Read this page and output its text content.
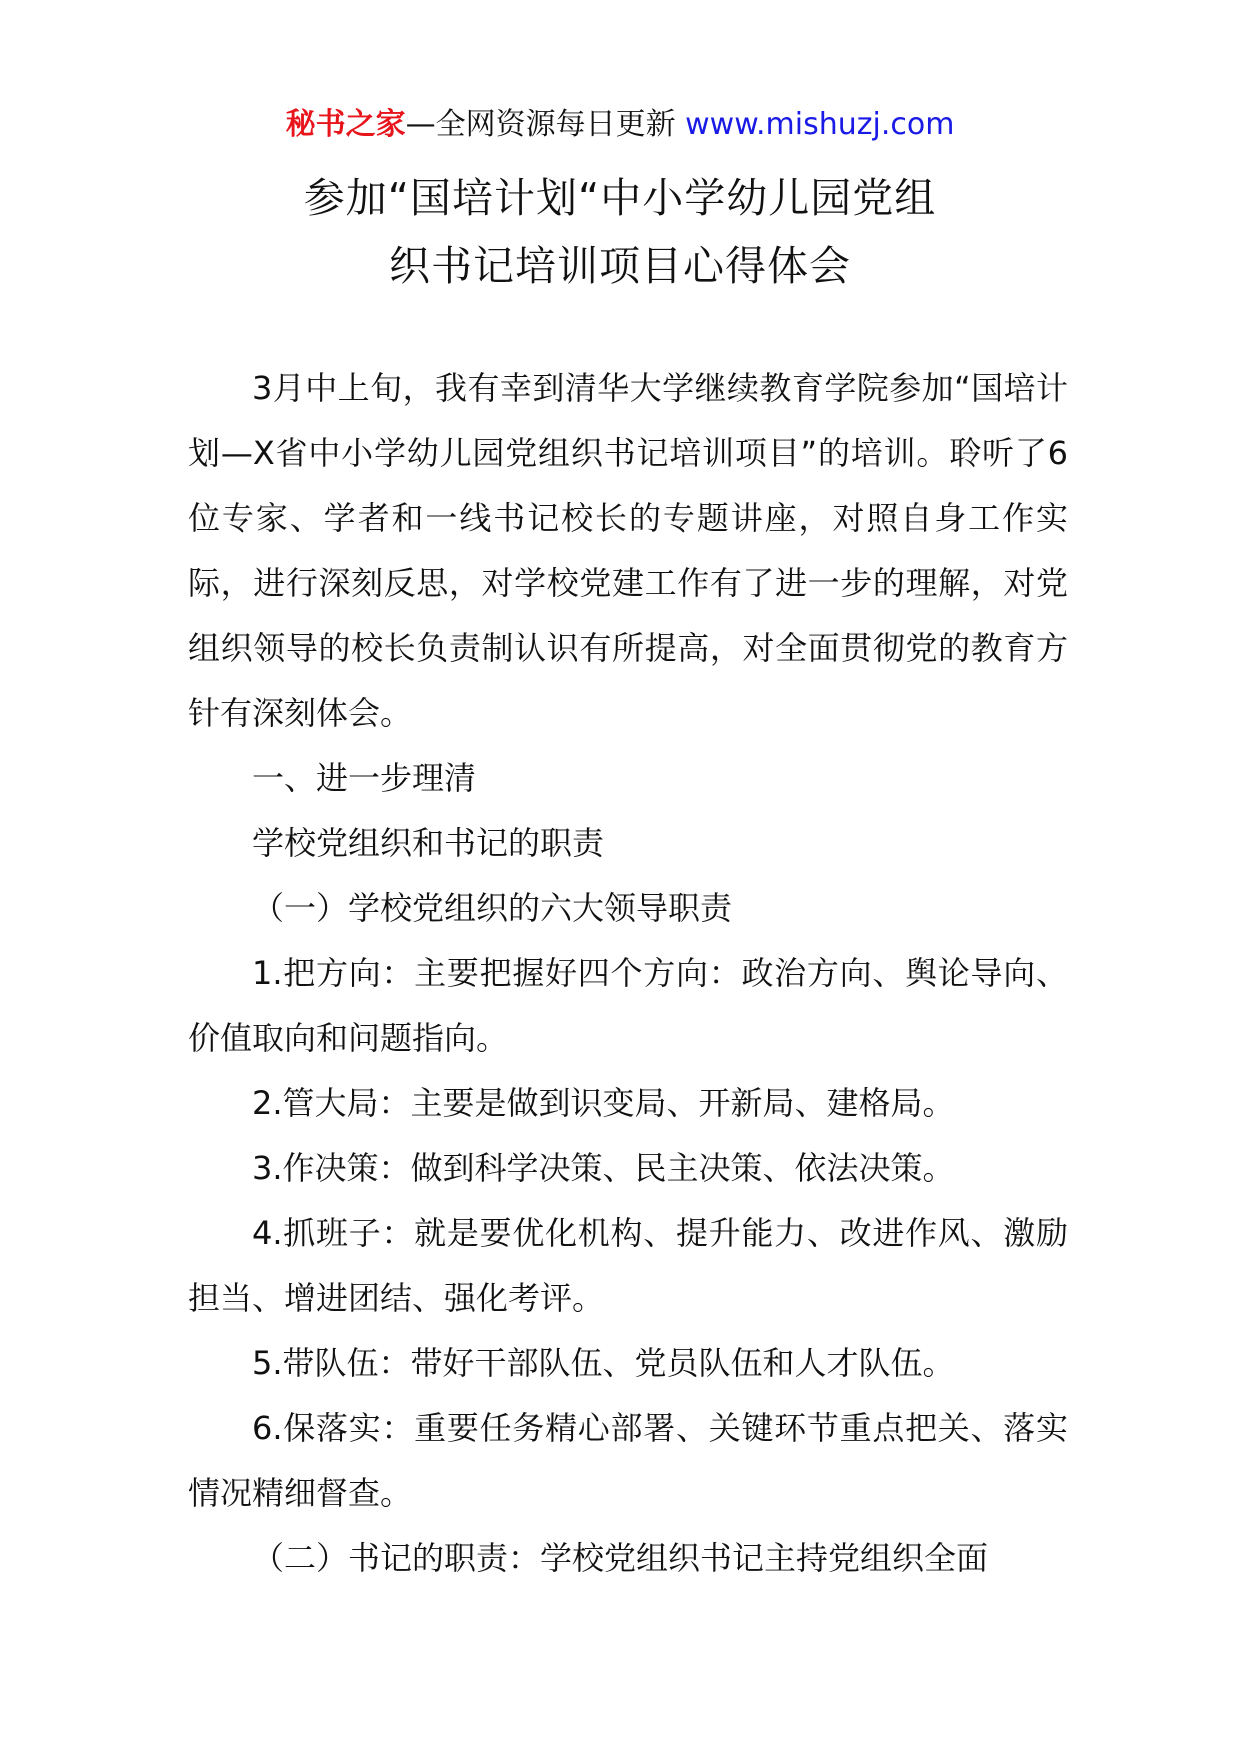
秘书之家—全网资源每日更新 www.mishuzj.com
参加“国培计划“中小学幼儿园党组
织书记培训项目心得体会

3月中上旬，我有幸到清华大学继续教育学院参加“国培计划—X省中小学幼儿园党组织书记培训项目”的培训。聆听了6位专家、学者和一线书记校长的专题讲座，对照自身工作实际，进行深刻反思，对学校党建工作有了进一步的理解，对党组织领导的校长负责制认识有所提高，对全面贯彻党的教育方针有深刻体会。

一、进一步理清

学校党组织和书记的职责

（一）学校党组织的六大领导职责

1.把方向：主要把握好四个方向：政治方向、舆论导向、价值取向和问题指向。

2.管大局：主要是做到识变局、开新局、建格局。

3.作决策：做到科学决策、民主决策、依法决策。

4.抓班子：就是要优化机构、提升能力、改进作风、激励担当、增进团结、强化考评。

5.带队伍：带好干部队伍、党员队伍和人才队伍。

6.保落实：重要任务精心部署、关键环节重点把关、落实情况精细督查。

（二）书记的职责：学校党组织书记主持党组织全面
